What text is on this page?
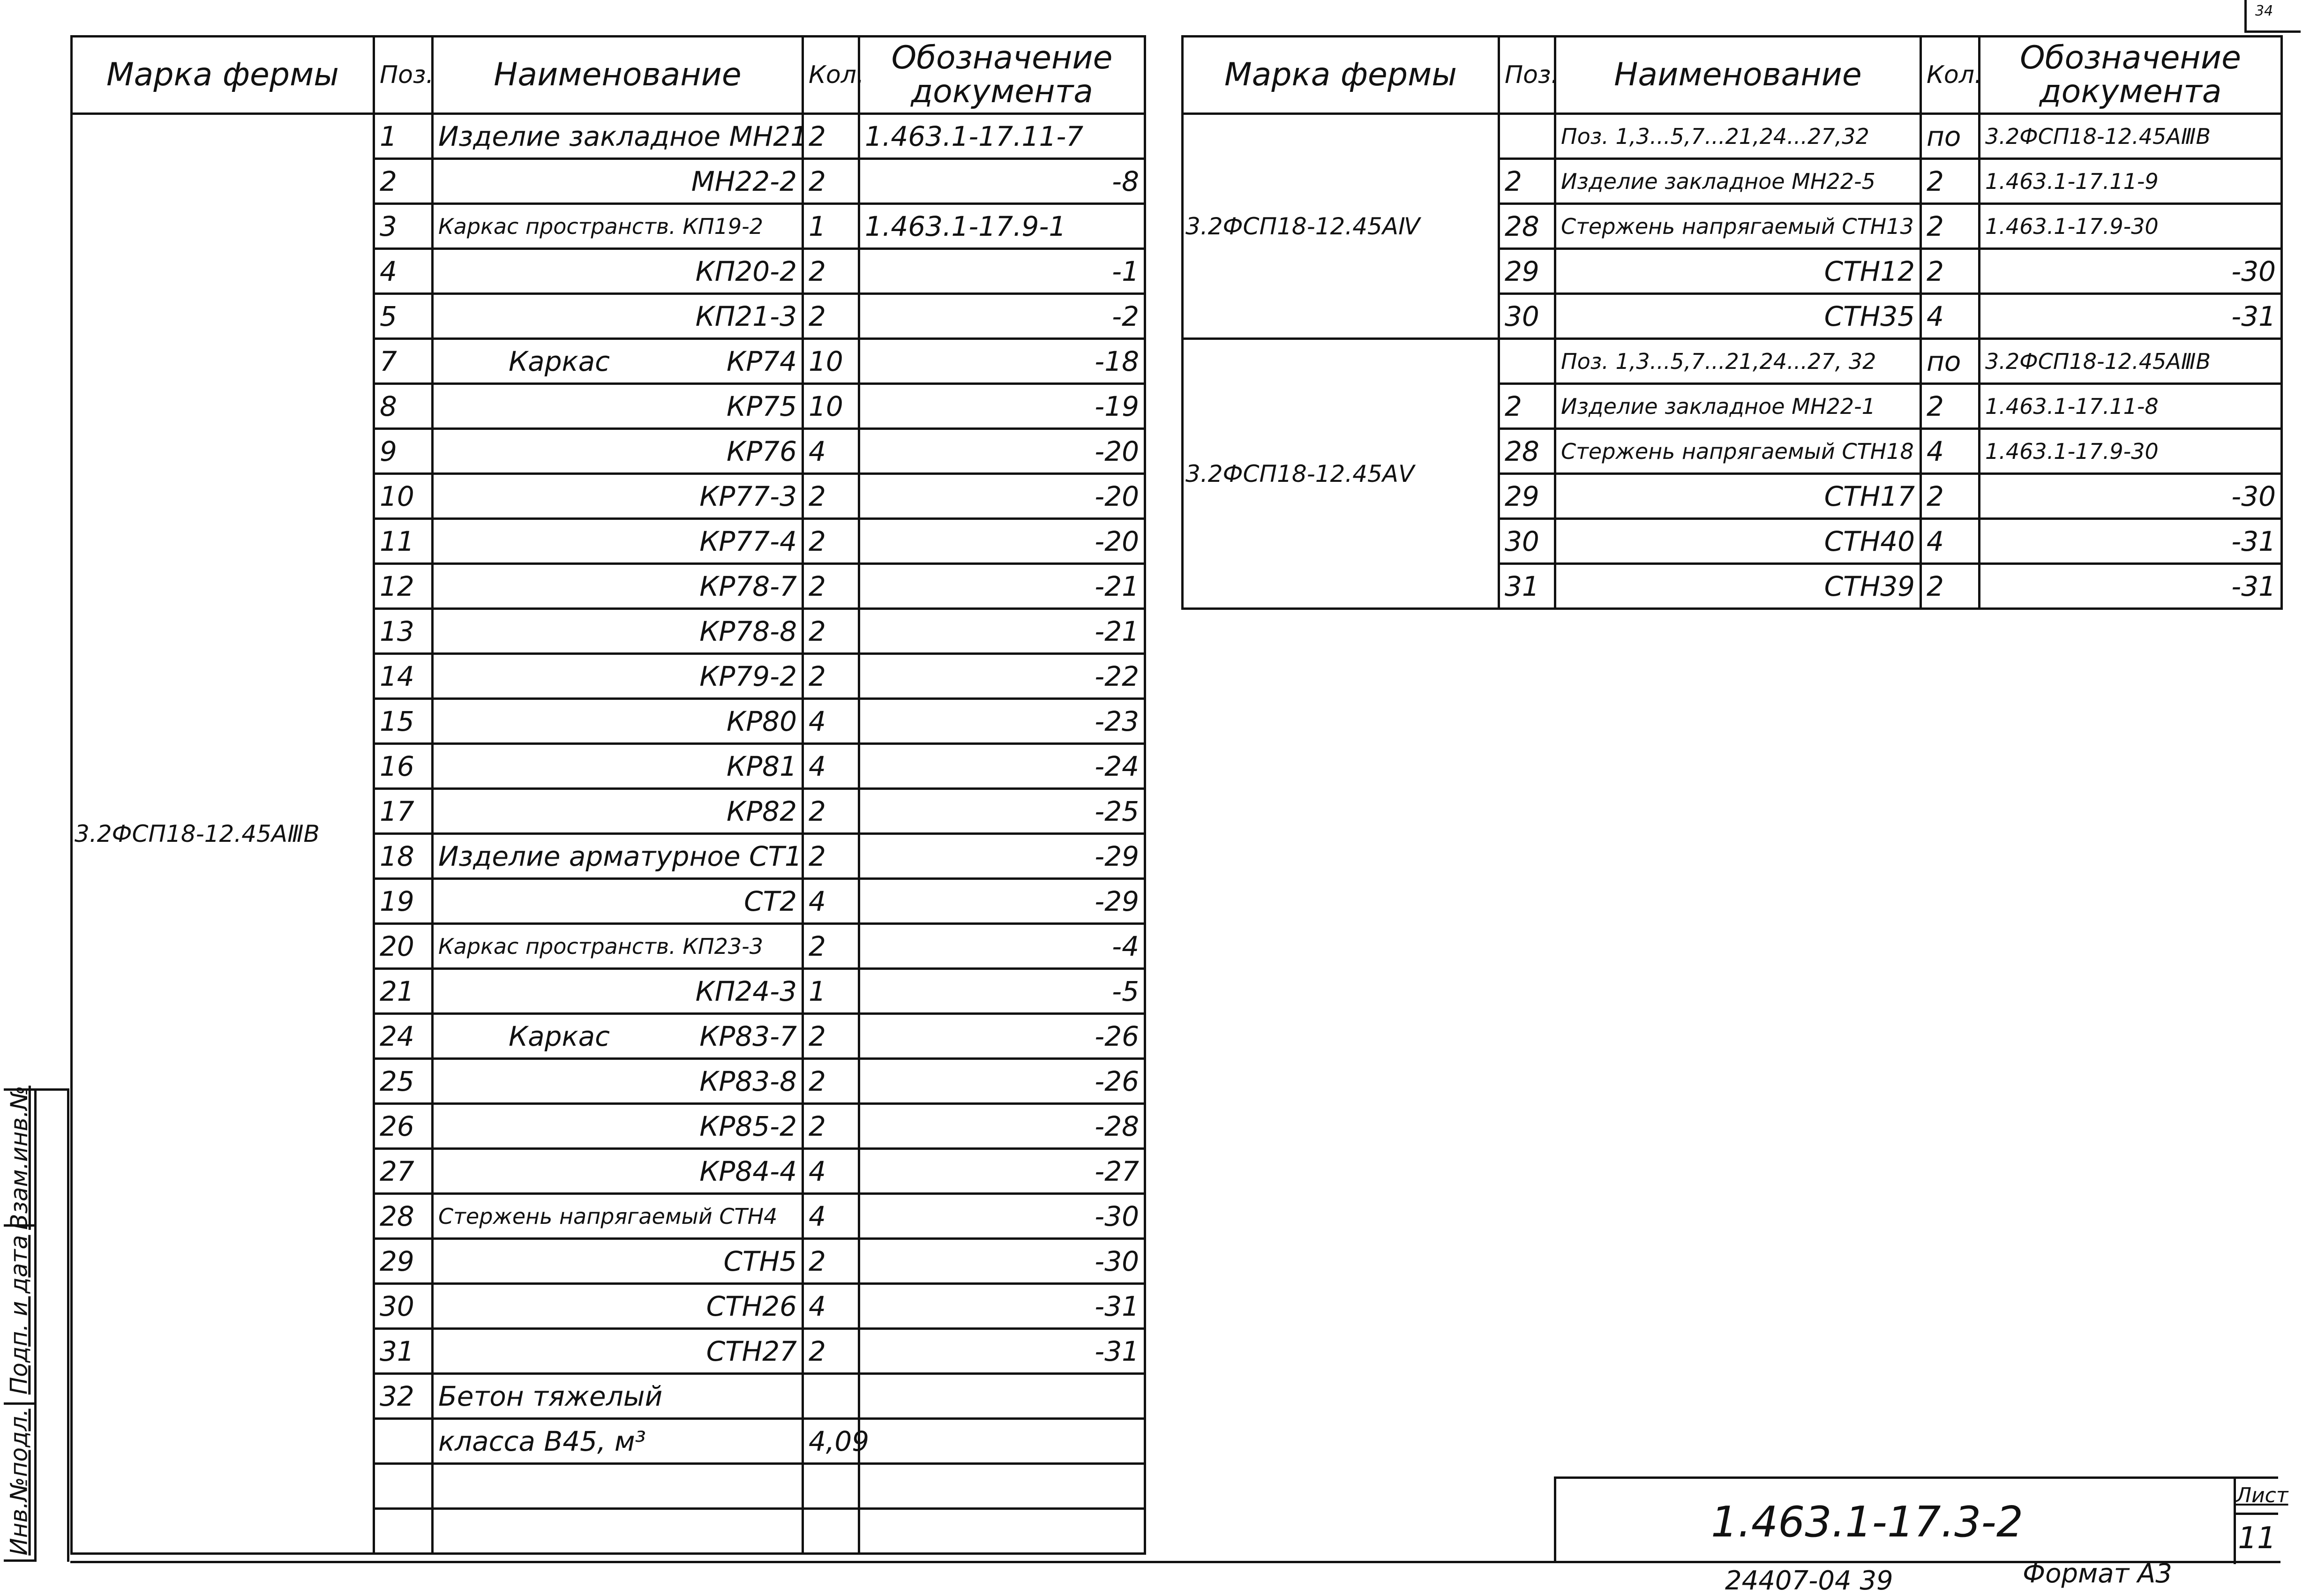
34
Марка фермы	Поз.	Наименование	Кол.	Обозначение документа
3.2ФСП18-12.45АⅢВ	1	Изделие закладное МН21	2	1.463.1-17.11-7
	2	МН22-2	2	-8
	3	Каркас пространств. КП19-2	1	1.463.1-17.9-1
	4	КП20-2	2	-1
	5	КП21-3	2	-2
	7	Каркас КР74	10	-18
	8	КР75	10	-19
	9	КР76	4	-20
	10	КР77-3	2	-20
	11	КР77-4	2	-20
	12	КР78-7	2	-21
	13	КР78-8	2	-21
	14	КР79-2	2	-22
	15	КР80	4	-23
	16	КР81	4	-24
	17	КР82	2	-25
	18	Изделие арматурное СТ1	2	-29
	19	СТ2	4	-29
	20	Каркас пространств. КП23-3	2	-4
	21	КП24-3	1	-5
	24	Каркас КР83-7	2	-26
	25	КР83-8	2	-26
	26	КР85-2	2	-28
	27	КР84-4	4	-27
	28	Стержень напрягаемый СТН4	4	-30
	29	СТН5	2	-30
	30	СТН26	4	-31
	31	СТН27	2	-31
	32	Бетон тяжелый		
		класса В45, м³	4,09	

Марка фермы	Поз.	Наименование	Кол.	Обозначение документа
3.2ФСП18-12.45АⅣ		Поз. 1,3...5,7...21,24...27,32	по	3.2ФСП18-12.45АⅢВ
	2	Изделие закладное МН22-5	2	1.463.1-17.11-9
	28	Стержень напрягаемый СТН13	2	1.463.1-17.9-30
	29	СТН12	2	-30
	30	СТН35	4	-31
3.2ФСП18-12.45АⅤ		Поз. 1,3...5,7...21,24...27, 32	по	3.2ФСП18-12.45АⅢВ
	2	Изделие закладное МН22-1	2	1.463.1-17.11-8
	28	Стержень напрягаемый СТН18	4	1.463.1-17.9-30
	29	СТН17	2	-30
	30	СТН40	4	-31
	31	СТН39	2	-31
Взам.инв.№
Подп. и дата
Инв.№подл.	1.463.1-17.3-2
Лист
11
24407-04 39	Формат А3
